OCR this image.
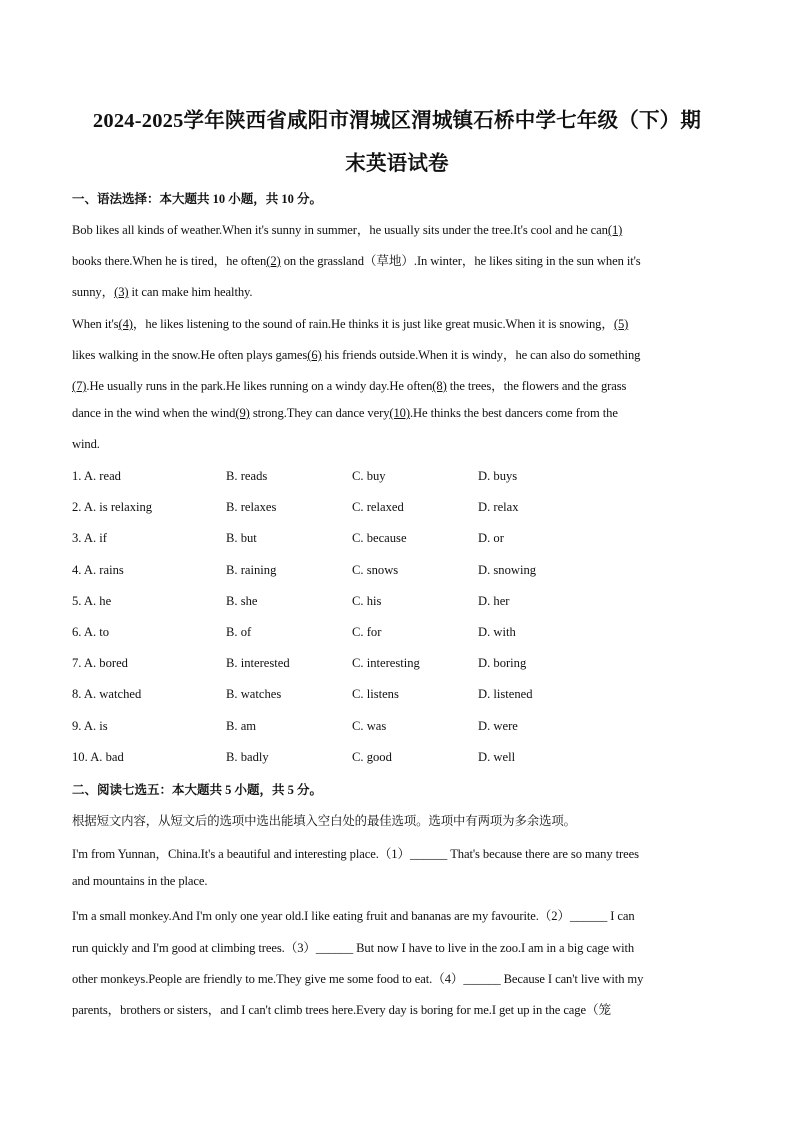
2024-2025学年陕西省咸阳市渭城区渭城镇石桥中学七年级（下）期
末英语试卷
一、语法选择：本大题共 10 小题，共 10 分。
Bob likes all kinds of weather.When it's sunny in summer，he usually sits under the tree.It's cool and he can(1)
books there.When he is tired，he often(2) on the grassland（草地）.In winter，he likes siting in the sun when it's
sunny，(3) it can make him healthy.
When it's(4)，he likes listening to the sound of rain.He thinks it is just like great music.When it is snowing，(5)
likes walking in the snow.He often plays games(6) his friends outside.When it is windy，he can also do something
(7).He usually runs in the park.He likes running on a windy day.He often(8) the trees，the flowers and the grass
dance in the wind when the wind(9) strong.They can dance very(10).He thinks the best dancers come from the
wind.
1. A. read	B. reads	C. buy	D. buys
2. A. is relaxing	B. relaxes	C. relaxed	D. relax
3. A. if	B. but	C. because	D. or
4. A. rains	B. raining	C. snows	D. snowing
5. A. he	B. she	C. his	D. her
6. A. to	B. of	C. for	D. with
7. A. bored	B. interested	C. interesting	D. boring
8. A. watched	B. watches	C. listens	D. listened
9. A. is	B. am	C. was	D. were
10. A. bad	B. badly	C. good	D. well
二、阅读七选五：本大题共 5 小题，共 5 分。
根据短文内容，从短文后的选项中选出能填入空白处的最佳选项。选项中有两项为多余选项。
I'm from Yunnan，China.It's a beautiful and interesting place.（1）______ That's because there are so many trees
and mountains in the place.
I'm a small monkey.And I'm only one year old.I like eating fruit and bananas are my favourite.（2）______ I can
run quickly and I'm good at climbing trees.（3）______ But now I have to live in the zoo.I am in a big cage with
other monkeys.People are friendly to me.They give me some food to eat.（4）______ Because I can't live with my
parents，brothers or sisters，and I can't climb trees here.Every day is boring for me.I get up in the cage（笼
